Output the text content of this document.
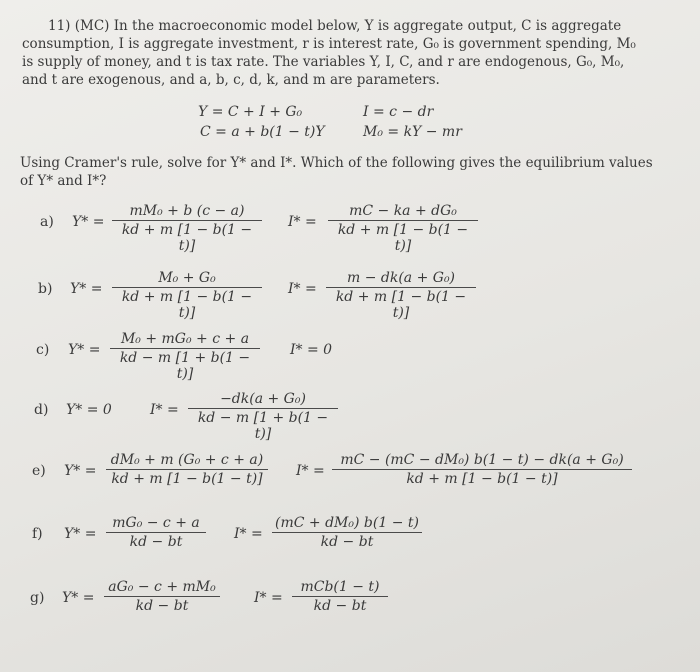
11) (MC) In the macroeconomic model below, Y is aggregate output, C is aggregate
consumption, I is aggregate investment, r is interest rate, G₀ is government spending, M₀
is supply of money, and t is tax rate. The variables Y, I, C, and r are endogenous, G₀, M₀,
and t are exogenous, and a, b, c, d, k, and m are parameters.
Y = C + I + G₀	I = c − dr
C = a + b(1 − t)Y	M₀ = kY − mr
Using Cramer's rule, solve for Y* and I*. Which of the following gives the equilibrium values
of Y* and I*?
a) $Y* = \frac{\text{mM₀ + b (c − a)}}{kd + m [1 - b(1 - t)]} I* = \frac{\text{mC − ka + dG₀}}{kd + m [1 - b(1 - t)]}$
b) $Y* = \frac{\text{M₀ + G₀}}{kd + m [1 - b(1 - t)]} I* = \frac{\text{m − dk(a + G₀)}}{kd + m [1 - b(1 - t)]}$
c) $Y* = \frac{\text{M₀ + mG₀ + c + a}}{kd - m [1 + b(1 - t)]} I* = 0$
d) Y* = 0	$I* = \frac{\text{−dk(a + G₀)}}{kd - m [1 + b(1 - t)]}$
e) $Y* = \frac{\text{dM₀ + m (G₀ + c + a)}}{kd + m [1 - b(1 - t)]} I* = \frac{\text{mC − (mC − dM₀) b(1 − t) − dk(a + G₀)}}{kd + m [1 - b(1 - t)]}$
f) $Y* = \frac{\text{mG₀ − c + a}}{kd - bt} I* = \frac{\text{(mC + dM₀) b(1 − t)}}{kd - bt}$
g) $Y* = \frac{\text{aG₀ − c + mM₀}}{kd - bt} I*$ =
mCb(1 − t)
kd − bt
